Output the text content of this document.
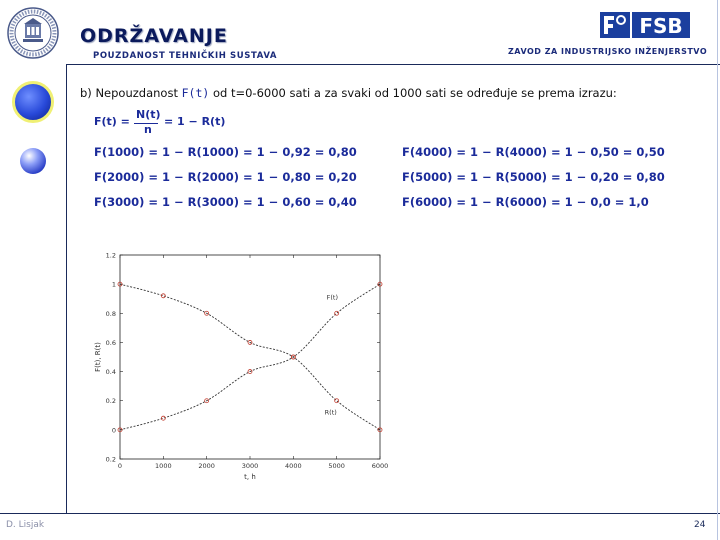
ODRŽAVANJE
POUZDANOST TEHNIČKIH SUSTAVA	ZAVOD ZA INDUSTRIJSKO INŽENJERSTVO
FSB
b) Nepouzdanost F(t) od t=0-6000 sati a za svaki od 1000 sati se određuje se prema izrazu:
F(t) =
N(t)
n
= 1 − R(t)
F(1000) = 1 − R(1000) = 1 − 0,92 = 0,80
F(2000) = 1 − R(2000) = 1 − 0,80 = 0,20
F(3000) = 1 − R(3000) = 1 − 0,60 = 0,40
F(4000) = 1 − R(4000) = 1 − 0,50 = 0,50
F(5000) = 1 − R(5000) = 1 − 0,20 = 0,80
F(6000) = 1 − R(6000) = 1 − 0,0 = 1,0
0.2
0
0.2
0.4
0.6
0.8
1
1.2
0	1000	2000	3000	4000	5000	6000
t, h
F(t), R(t)
F(t)
R(t)
D. Lisjak	24
